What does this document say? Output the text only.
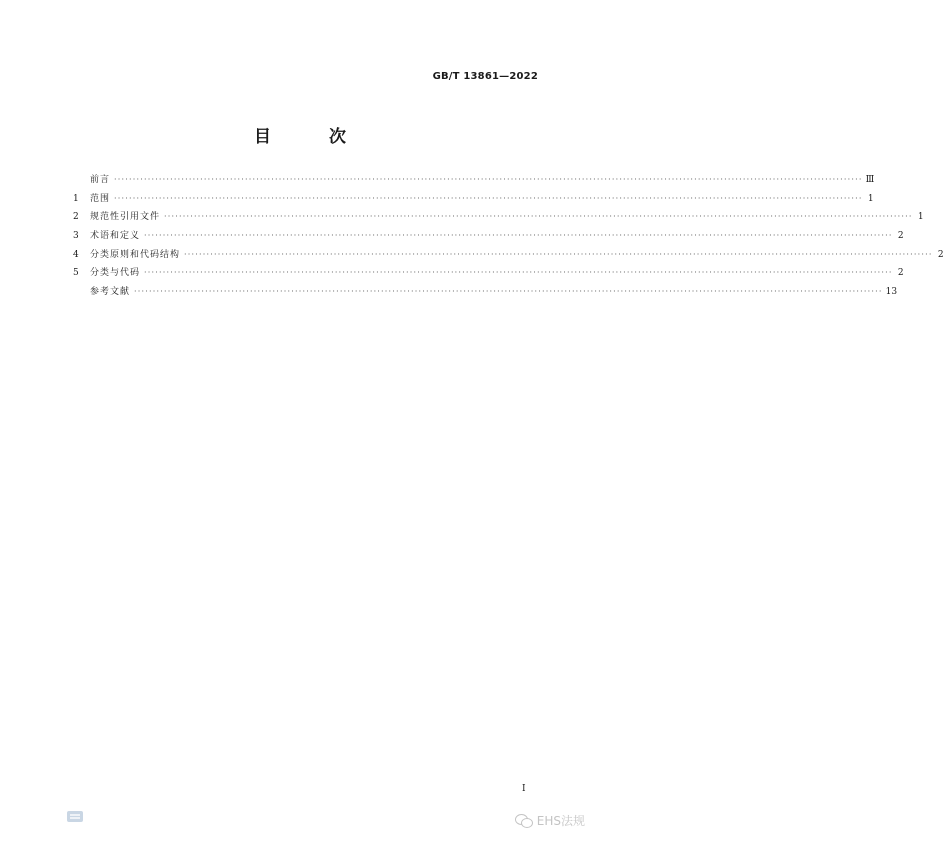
GB/T 13861—2022
目 次
前言 ········································································································································································································ Ⅲ
1	范围 ········································································································································································································ 1
2	规范性引用文件 ········································································································································································································ 1
3	术语和定义 ········································································································································································································ 2
4	分类原则和代码结构 ········································································································································································································ 2
5	分类与代码 ········································································································································································································ 2
参考文献 ········································································································································································································ 13
I
EHS法规
